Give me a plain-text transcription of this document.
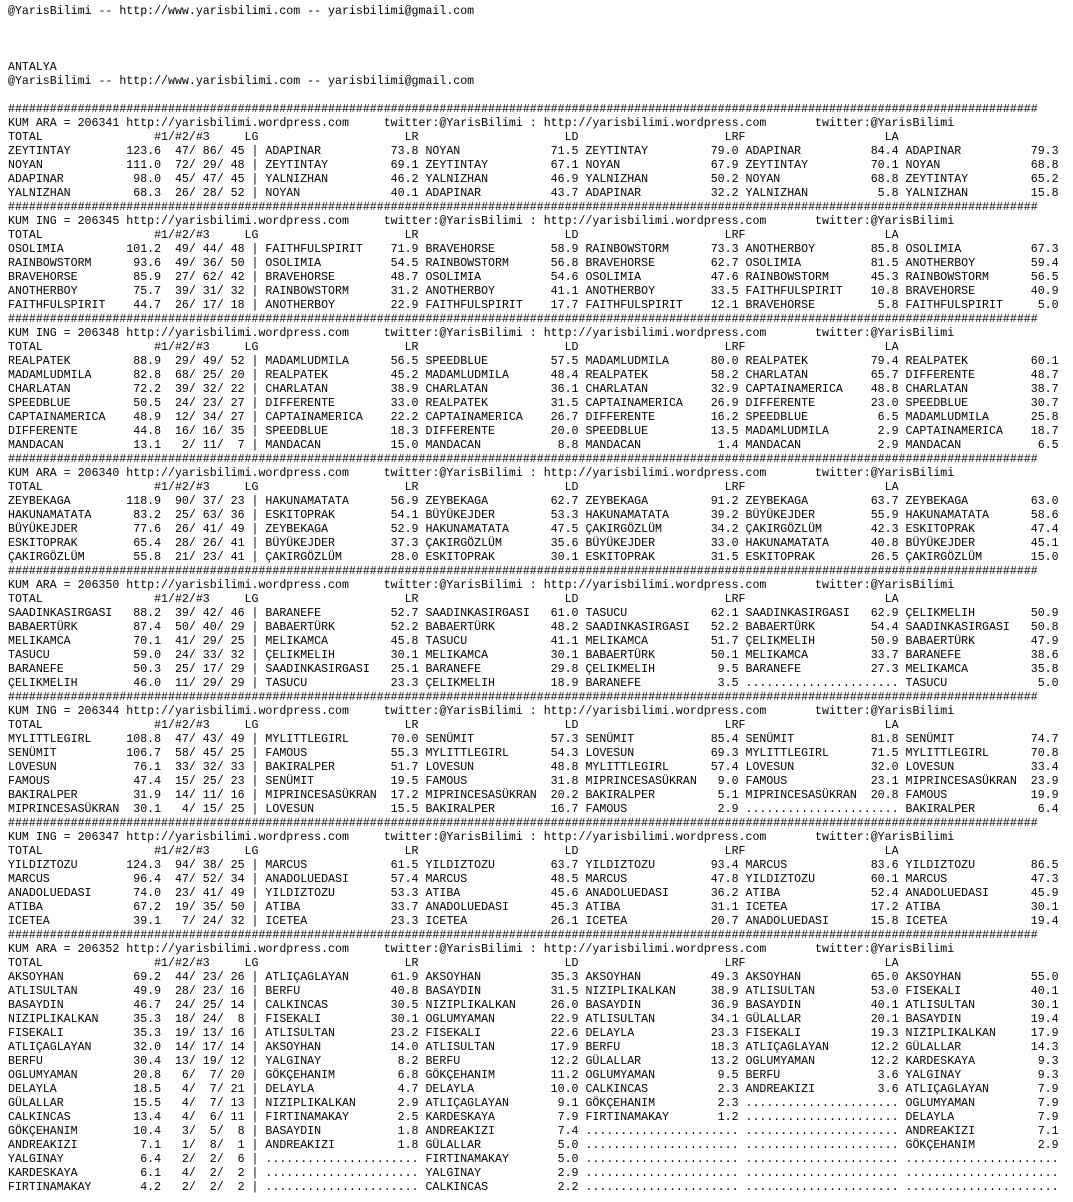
@YarisBilimi -- http://www.yarisbilimi.com -- yarisbilimi@gmail.com
ANTALYA
@YarisBilimi -- http://www.yarisbilimi.com -- yarisbilimi@gmail.com
####################################################################################################################################################
KUM ARA = 206341 http://yarisbilimi.wordpress.com     twitter:@YarisBilimi : http://yarisbilimi.wordpress.com       twitter:@YarisBilimi
TOTAL                #1/#2/#3     LG                     LR                     LD                     LRF                    LA
ZEYTINTAY        123.6  47/ 86/ 45 | ADAPINAR          73.8 NOYAN             71.5 ZEYTINTAY         79.0 ADAPINAR          84.4 ADAPINAR          79.3
NOYAN            111.0  72/ 29/ 48 | ZEYTINTAY         69.1 ZEYTINTAY         67.1 NOYAN             67.9 ZEYTINTAY         70.1 NOYAN             68.8
ADAPINAR          98.0  45/ 47/ 45 | YALNIZHAN         46.2 YALNIZHAN         46.9 YALNIZHAN         50.2 NOYAN             68.8 ZEYTINTAY         65.2
YALNIZHAN         68.3  26/ 28/ 52 | NOYAN             40.1 ADAPINAR          43.7 ADAPINAR          32.2 YALNIZHAN          5.8 YALNIZHAN         15.8
####################################################################################################################################################
KUM ING = 206345 http://yarisbilimi.wordpress.com     twitter:@YarisBilimi : http://yarisbilimi.wordpress.com       twitter:@YarisBilimi
TOTAL                #1/#2/#3     LG                     LR                     LD                     LRF                    LA
OSOLIMIA         101.2  49/ 44/ 48 | FAITHFULSPIRIT    71.9 BRAVEHORSE        58.9 RAINBOWSTORM      73.3 ANOTHERBOY        85.8 OSOLIMIA          67.3
RAINBOWSTORM      93.6  49/ 36/ 50 | OSOLIMIA          54.5 RAINBOWSTORM      56.8 BRAVEHORSE        62.7 OSOLIMIA          81.5 ANOTHERBOY        59.4
BRAVEHORSE        85.9  27/ 62/ 42 | BRAVEHORSE        48.7 OSOLIMIA          54.6 OSOLIMIA          47.6 RAINBOWSTORM      45.3 RAINBOWSTORM      56.5
ANOTHERBOY        75.7  39/ 31/ 32 | RAINBOWSTORM      31.2 ANOTHERBOY        41.1 ANOTHERBOY        33.5 FAITHFULSPIRIT    10.8 BRAVEHORSE        40.9
FAITHFULSPIRIT    44.7  26/ 17/ 18 | ANOTHERBOY        22.9 FAITHFULSPIRIT    17.7 FAITHFULSPIRIT    12.1 BRAVEHORSE         5.8 FAITHFULSPIRIT     5.0
####################################################################################################################################################
KUM ING = 206348 http://yarisbilimi.wordpress.com     twitter:@YarisBilimi : http://yarisbilimi.wordpress.com       twitter:@YarisBilimi
TOTAL                #1/#2/#3     LG                     LR                     LD                     LRF                    LA
REALPATEK         88.9  29/ 49/ 52 | MADAMLUDMILA      56.5 SPEEDBLUE         57.5 MADAMLUDMILA      80.0 REALPATEK         79.4 REALPATEK         60.1
MADAMLUDMILA      82.8  68/ 25/ 20 | REALPATEK         45.2 MADAMLUDMILA      48.4 REALPATEK         58.2 CHARLATAN         65.7 DIFFERENTE        48.7
CHARLATAN         72.2  39/ 32/ 22 | CHARLATAN         38.9 CHARLATAN         36.1 CHARLATAN         32.9 CAPTAINAMERICA    48.8 CHARLATAN         38.7
SPEEDBLUE         50.5  24/ 23/ 27 | DIFFERENTE        33.0 REALPATEK         31.5 CAPTAINAMERICA    26.9 DIFFERENTE        23.0 SPEEDBLUE         30.7
CAPTAINAMERICA    48.9  12/ 34/ 27 | CAPTAINAMERICA    22.2 CAPTAINAMERICA    26.7 DIFFERENTE        16.2 SPEEDBLUE          6.5 MADAMLUDMILA      25.8
DIFFERENTE        44.8  16/ 16/ 35 | SPEEDBLUE         18.3 DIFFERENTE        20.0 SPEEDBLUE         13.5 MADAMLUDMILA       2.9 CAPTAINAMERICA    18.7
MANDACAN          13.1   2/ 11/  7 | MANDACAN          15.0 MANDACAN           8.8 MANDACAN           1.4 MANDACAN           2.9 MANDACAN           6.5
####################################################################################################################################################
KUM ARA = 206340 http://yarisbilimi.wordpress.com     twitter:@YarisBilimi : http://yarisbilimi.wordpress.com       twitter:@YarisBilimi
TOTAL                #1/#2/#3     LG                     LR                     LD                     LRF                    LA
ZEYBEKAGA        118.9  90/ 37/ 23 | HAKUNAMATATA      56.9 ZEYBEKAGA         62.7 ZEYBEKAGA         91.2 ZEYBEKAGA         63.7 ZEYBEKAGA         63.0
HAKUNAMATATA      83.2  25/ 63/ 36 | ESKITOPRAK        54.1 BÜYÜKEJDER        53.3 HAKUNAMATATA      39.2 BÜYÜKEJDER        55.9 HAKUNAMATATA      58.6
BÜYÜKEJDER        77.6  26/ 41/ 49 | ZEYBEKAGA         52.9 HAKUNAMATATA      47.5 ÇAKIRGÖZLÜM       34.2 ÇAKIRGÖZLÜM       42.3 ESKITOPRAK        47.4
ESKITOPRAK        65.4  28/ 26/ 41 | BÜYÜKEJDER        37.3 ÇAKIRGÖZLÜM       35.6 BÜYÜKEJDER        33.0 HAKUNAMATATA      40.8 BÜYÜKEJDER        45.1
ÇAKIRGÖZLÜM       55.8  21/ 23/ 41 | ÇAKIRGÖZLÜM       28.0 ESKITOPRAK        30.1 ESKITOPRAK        31.5 ESKITOPRAK        26.5 ÇAKIRGÖZLÜM       15.0
####################################################################################################################################################
KUM ARA = 206350 http://yarisbilimi.wordpress.com     twitter:@YarisBilimi : http://yarisbilimi.wordpress.com       twitter:@YarisBilimi
TOTAL                #1/#2/#3     LG                     LR                     LD                     LRF                    LA
SAADINKASIRGASI   88.2  39/ 42/ 46 | BARANEFE          52.7 SAADINKASIRGASI   61.0 TASUCU            62.1 SAADINKASIRGASI   62.9 ÇELIKMELIH        50.9
BABAERTÜRK        87.4  50/ 40/ 29 | BABAERTÜRK        52.2 BABAERTÜRK        48.2 SAADINKASIRGASI   52.2 BABAERTÜRK        54.4 SAADINKASIRGASI   50.8
MELIKAMCA         70.1  41/ 29/ 25 | MELIKAMCA         45.8 TASUCU            41.1 MELIKAMCA         51.7 ÇELIKMELIH        50.9 BABAERTÜRK        47.9
TASUCU            59.0  24/ 33/ 32 | ÇELIKMELIH        30.1 MELIKAMCA         30.1 BABAERTÜRK        50.1 MELIKAMCA         33.7 BARANEFE          38.6
BARANEFE          50.3  25/ 17/ 29 | SAADINKASIRGASI   25.1 BARANEFE          29.8 ÇELIKMELIH         9.5 BARANEFE          27.3 MELIKAMCA         35.8
ÇELIKMELIH        46.0  11/ 29/ 29 | TASUCU            23.3 ÇELIKMELIH        18.9 BARANEFE           3.5 ...................... TASUCU             5.0
####################################################################################################################################################
KUM ING = 206344 http://yarisbilimi.wordpress.com     twitter:@YarisBilimi : http://yarisbilimi.wordpress.com       twitter:@YarisBilimi
TOTAL                #1/#2/#3     LG                     LR                     LD                     LRF                    LA
MYLITTLEGIRL     108.8  47/ 43/ 49 | MYLITTLEGIRL      70.0 SENÜMIT           57.3 SENÜMIT           85.4 SENÜMIT           81.8 SENÜMIT           74.7
SENÜMIT          106.7  58/ 45/ 25 | FAMOUS            55.3 MYLITTLEGIRL      54.3 LOVESUN           69.3 MYLITTLEGIRL      71.5 MYLITTLEGIRL      70.8
LOVESUN           76.1  33/ 32/ 33 | BAKIRALPER        51.7 LOVESUN           48.8 MYLITTLEGIRL      57.4 LOVESUN           32.0 LOVESUN           33.4
FAMOUS            47.4  15/ 25/ 23 | SENÜMIT           19.5 FAMOUS            31.8 MIPRINCESASÜKRAN   9.0 FAMOUS            23.1 MIPRINCESASÜKRAN  23.9
BAKIRALPER        31.9  14/ 11/ 16 | MIPRINCESASÜKRAN  17.2 MIPRINCESASÜKRAN  20.2 BAKIRALPER         5.1 MIPRINCESASÜKRAN  20.8 FAMOUS            19.9
MIPRINCESASÜKRAN  30.1   4/ 15/ 25 | LOVESUN           15.5 BAKIRALPER        16.7 FAMOUS             2.9 ...................... BAKIRALPER         6.4
####################################################################################################################################################
KUM ING = 206347 http://yarisbilimi.wordpress.com     twitter:@YarisBilimi : http://yarisbilimi.wordpress.com       twitter:@YarisBilimi
TOTAL                #1/#2/#3     LG                     LR                     LD                     LRF                    LA
YILDIZTOZU       124.3  94/ 38/ 25 | MARCUS            61.5 YILDIZTOZU        63.7 YILDIZTOZU        93.4 MARCUS            83.6 YILDIZTOZU        86.5
MARCUS            96.4  47/ 52/ 34 | ANADOLUEDASI      57.4 MARCUS            48.5 MARCUS            47.8 YILDIZTOZU        60.1 MARCUS            47.3
ANADOLUEDASI      74.0  23/ 41/ 49 | YILDIZTOZU        53.3 ATIBA             45.6 ANADOLUEDASI      36.2 ATIBA             52.4 ANADOLUEDASI      45.9
ATIBA             67.2  19/ 35/ 50 | ATIBA             33.7 ANADOLUEDASI      45.3 ATIBA             31.1 ICETEA            17.2 ATIBA             30.1
ICETEA            39.1   7/ 24/ 32 | ICETEA            23.3 ICETEA            26.1 ICETEA            20.7 ANADOLUEDASI      15.8 ICETEA            19.4
####################################################################################################################################################
KUM ARA = 206352 http://yarisbilimi.wordpress.com     twitter:@YarisBilimi : http://yarisbilimi.wordpress.com       twitter:@YarisBilimi
TOTAL                #1/#2/#3     LG                     LR                     LD                     LRF                    LA
AKSOYHAN          69.2  44/ 23/ 26 | ATLIÇAGLAYAN      61.9 AKSOYHAN          35.3 AKSOYHAN          49.3 AKSOYHAN          65.0 AKSOYHAN          55.0
ATLISULTAN        49.9  28/ 23/ 16 | BERFU             40.8 BASAYDIN          31.5 NIZIPLIKALKAN     38.9 ATLISULTAN        53.0 FISEKALI          40.1
BASAYDIN          46.7  24/ 25/ 14 | CALKINCAS         30.5 NIZIPLIKALKAN     26.0 BASAYDIN          36.9 BASAYDIN          40.1 ATLISULTAN        30.1
NIZIPLIKALKAN     35.3  18/ 24/  8 | FISEKALI          30.1 OGLUMYAMAN        22.9 ATLISULTAN        34.1 GÜLALLAR          20.1 BASAYDIN          19.4
FISEKALI          35.3  19/ 13/ 16 | ATLISULTAN        23.2 FISEKALI          22.6 DELAYLA           23.3 FISEKALI          19.3 NIZIPLIKALKAN     17.9
ATLIÇAGLAYAN      32.0  14/ 17/ 14 | AKSOYHAN          14.0 ATLISULTAN        17.9 BERFU             18.3 ATLIÇAGLAYAN      12.2 GÜLALLAR          14.3
BERFU             30.4  13/ 19/ 12 | YALGINAY           8.2 BERFU             12.2 GÜLALLAR          13.2 OGLUMYAMAN        12.2 KARDESKAYA         9.3
OGLUMYAMAN        20.8   6/  7/ 20 | GÖKÇEHANIM         6.8 GÖKÇEHANIM        11.2 OGLUMYAMAN         9.5 BERFU              3.6 YALGINAY           9.3
DELAYLA           18.5   4/  7/ 21 | DELAYLA            4.7 DELAYLA           10.0 CALKINCAS          2.3 ANDREAKIZI         3.6 ATLIÇAGLAYAN       7.9
GÜLALLAR          15.5   4/  7/ 13 | NIZIPLIKALKAN      2.9 ATLIÇAGLAYAN       9.1 GÖKÇEHANIM         2.3 ...................... OGLUMYAMAN         7.9
CALKINCAS         13.4   4/  6/ 11 | FIRTINAMAKAY       2.5 KARDESKAYA         7.9 FIRTINAMAKAY       1.2 ...................... DELAYLA            7.9
GÖKÇEHANIM        10.4   3/  5/  8 | BASAYDIN           1.8 ANDREAKIZI         7.4 ...................... ...................... ANDREAKIZI         7.1
ANDREAKIZI         7.1   1/  8/  1 | ANDREAKIZI         1.8 GÜLALLAR           5.0 ...................... ...................... GÖKÇEHANIM         2.9
YALGINAY           6.4   2/  2/  6 | ...................... FIRTINAMAKAY       5.0 ...................... ...................... ......................
KARDESKAYA         6.1   4/  2/  2 | ...................... YALGINAY           2.9 ...................... ...................... ......................
FIRTINAMAKAY       4.2   2/  2/  2 | ...................... CALKINCAS          2.2 ...................... ...................... ......................
